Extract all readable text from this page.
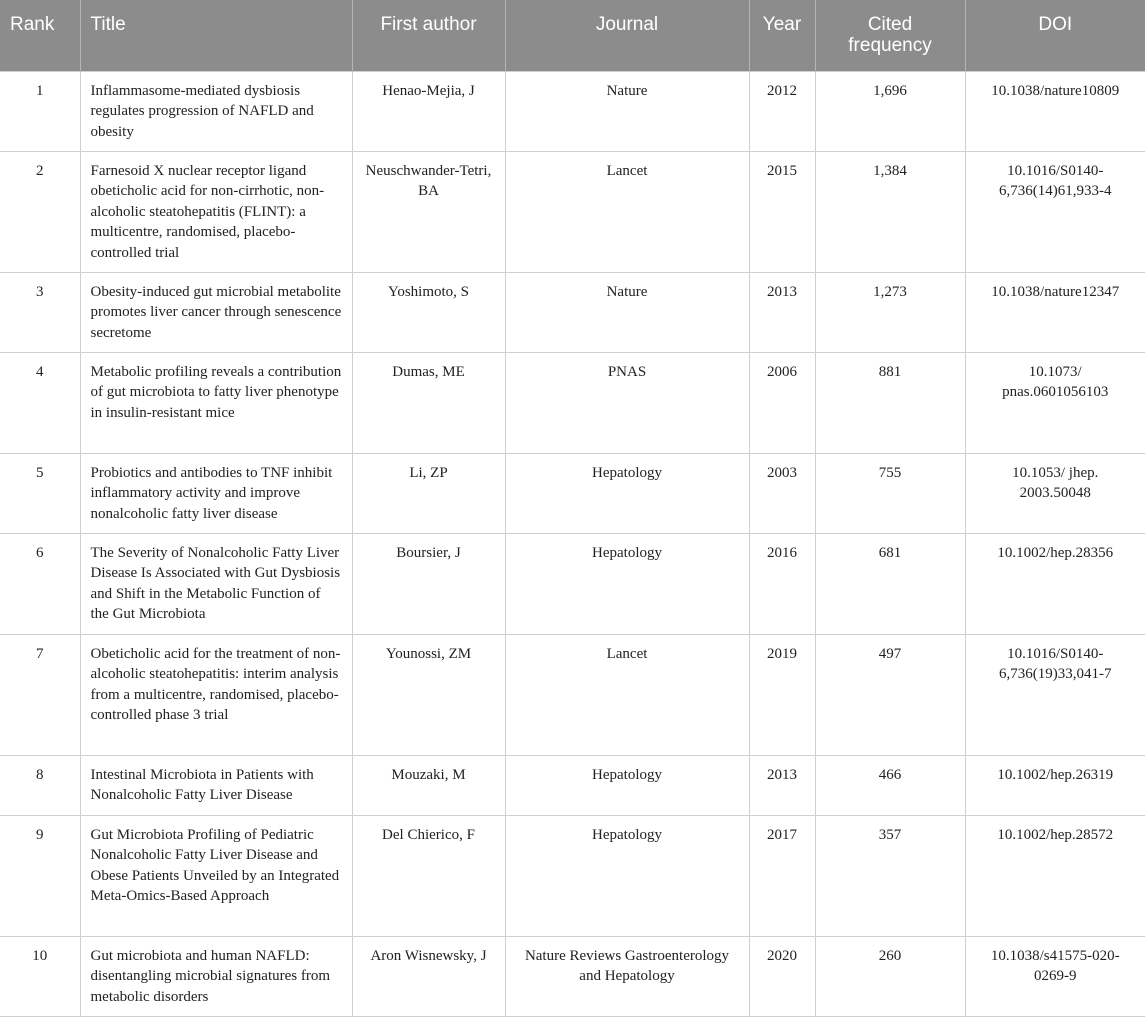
Rank	Title	First author	Journal	Year	Cited frequency	DOI
1	Inflammasome-mediated dysbiosis regulates progression of NAFLD and obesity	Henao-Mejia, J	Nature	2012	1,696	10.1038/nature10809
2	Farnesoid X nuclear receptor ligand obeticholic acid for non-cirrhotic, non-alcoholic steatohepatitis (FLINT): a multicentre, randomised, placebo-controlled trial	Neuschwander-Tetri, BA	Lancet	2015	1,384	10.1016/S0140-6,736(14)61,933-4
3	Obesity-induced gut microbial metabolite promotes liver cancer through senescence secretome	Yoshimoto, S	Nature	2013	1,273	10.1038/nature12347
4	Metabolic profiling reveals a contribution of gut microbiota to fatty liver phenotype in insulin-resistant mice	Dumas, ME	PNAS	2006	881	10.1073/ pnas.0601056103
5	Probiotics and antibodies to TNF inhibit inflammatory activity and improve nonalcoholic fatty liver disease	Li, ZP	Hepatology	2003	755	10.1053/ jhep. 2003.50048
6	The Severity of Nonalcoholic Fatty Liver Disease Is Associated with Gut Dysbiosis and Shift in the Metabolic Function of the Gut Microbiota	Boursier, J	Hepatology	2016	681	10.1002/hep.28356
7	Obeticholic acid for the treatment of non-alcoholic steatohepatitis: interim analysis from a multicentre, randomised, placebo-controlled phase 3 trial	Younossi, ZM	Lancet	2019	497	10.1016/S0140-6,736(19)33,041-7
8	Intestinal Microbiota in Patients with Nonalcoholic Fatty Liver Disease	Mouzaki, M	Hepatology	2013	466	10.1002/hep.26319
9	Gut Microbiota Profiling of Pediatric Nonalcoholic Fatty Liver Disease and Obese Patients Unveiled by an Integrated Meta-Omics-Based Approach	Del Chierico, F	Hepatology	2017	357	10.1002/hep.28572
10	Gut microbiota and human NAFLD: disentangling microbial signatures from metabolic disorders	Aron Wisnewsky, J	Nature Reviews Gastroenterology and Hepatology	2020	260	10.1038/s41575-020-0269-9
